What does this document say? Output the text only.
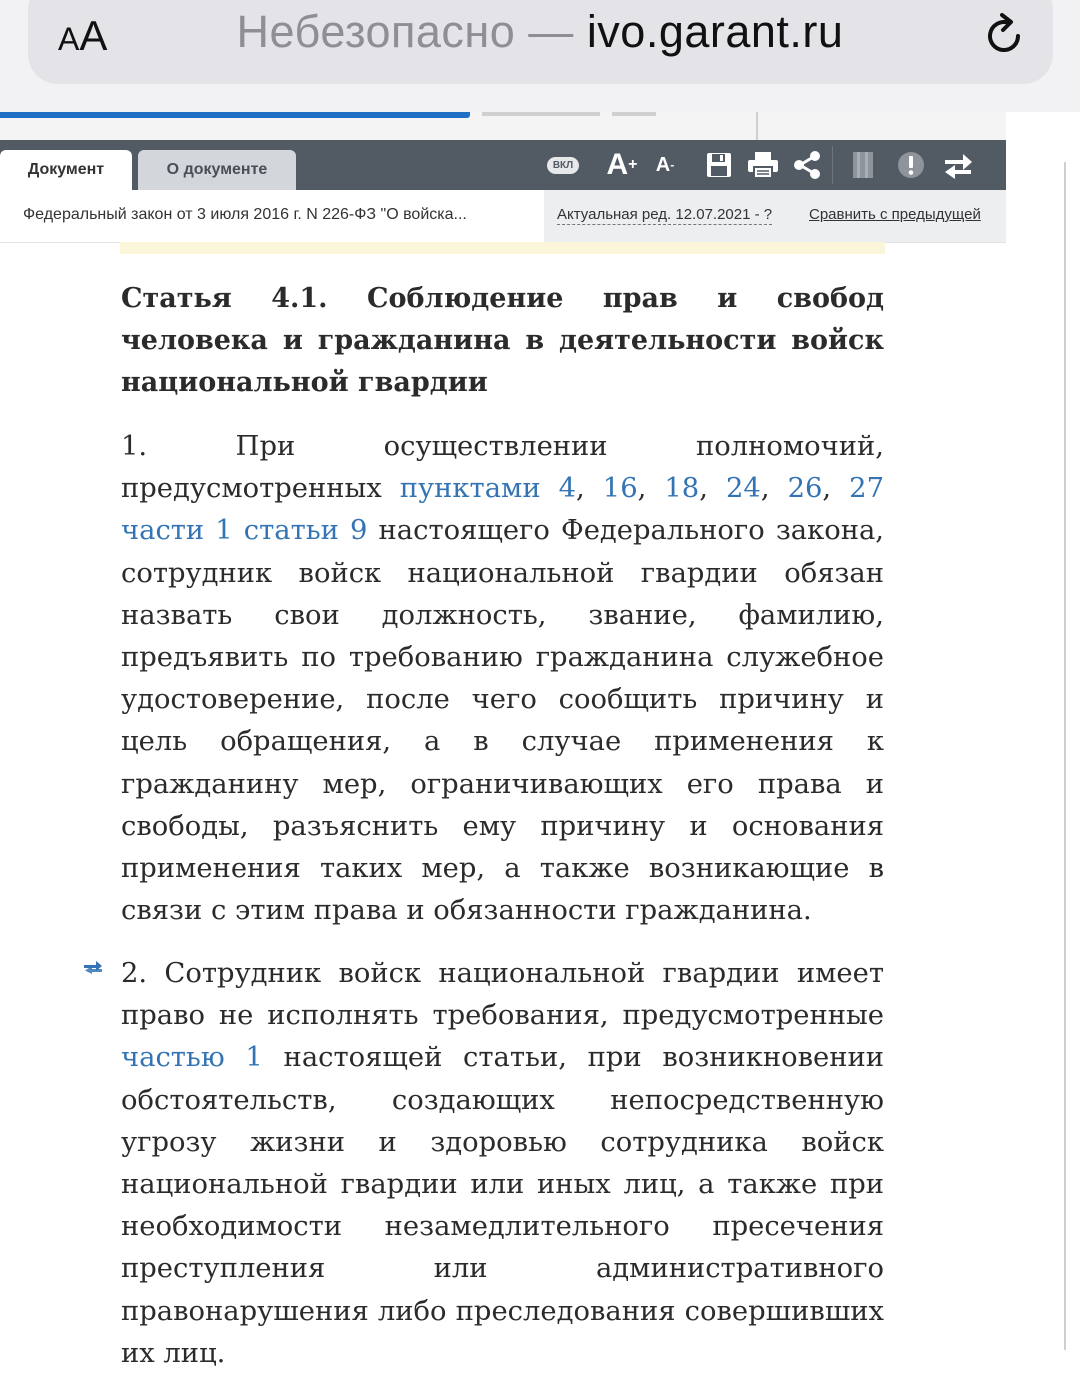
AA	Небезопасно — ivo.garant.ru
Документ	О документе	ВКЛ A + A -
Федеральный закон от 3 июля 2016 г. N 226-ФЗ "О войска...	Актуальная ред. 12.07.2021 - ? Сравнить с предыдущей
Статья 4.1. Соблюдение прав и свобод человека и гражданина в деятельности войск национальной гвардии
1. При осуществлении полномочий, предусмотренных пунктами 4, 16, 18, 24, 26, 27 части 1 статьи 9 настоящего Федерального закона, сотрудник войск национальной гвардии обязан назвать свои должность, звание, фамилию, предъявить по требованию гражданина служебное удостоверение, после чего сообщить причину и цель обращения, а в случае применения к гражданину мер, ограничивающих его права и свободы, разъяснить ему причину и основания применения таких мер, а также возникающие в связи с этим права и обязанности гражданина.
2. Сотрудник войск национальной гвардии имеет право не исполнять требования, предусмотренные частью 1 настоящей статьи, при возникновении обстоятельств, создающих непосредственную угрозу жизни и здоровью сотрудника войск национальной гвардии или иных лиц, а также при необходимости незамедлительного пресечения преступления или административного правонарушения либо преследования совершивших их лиц.
